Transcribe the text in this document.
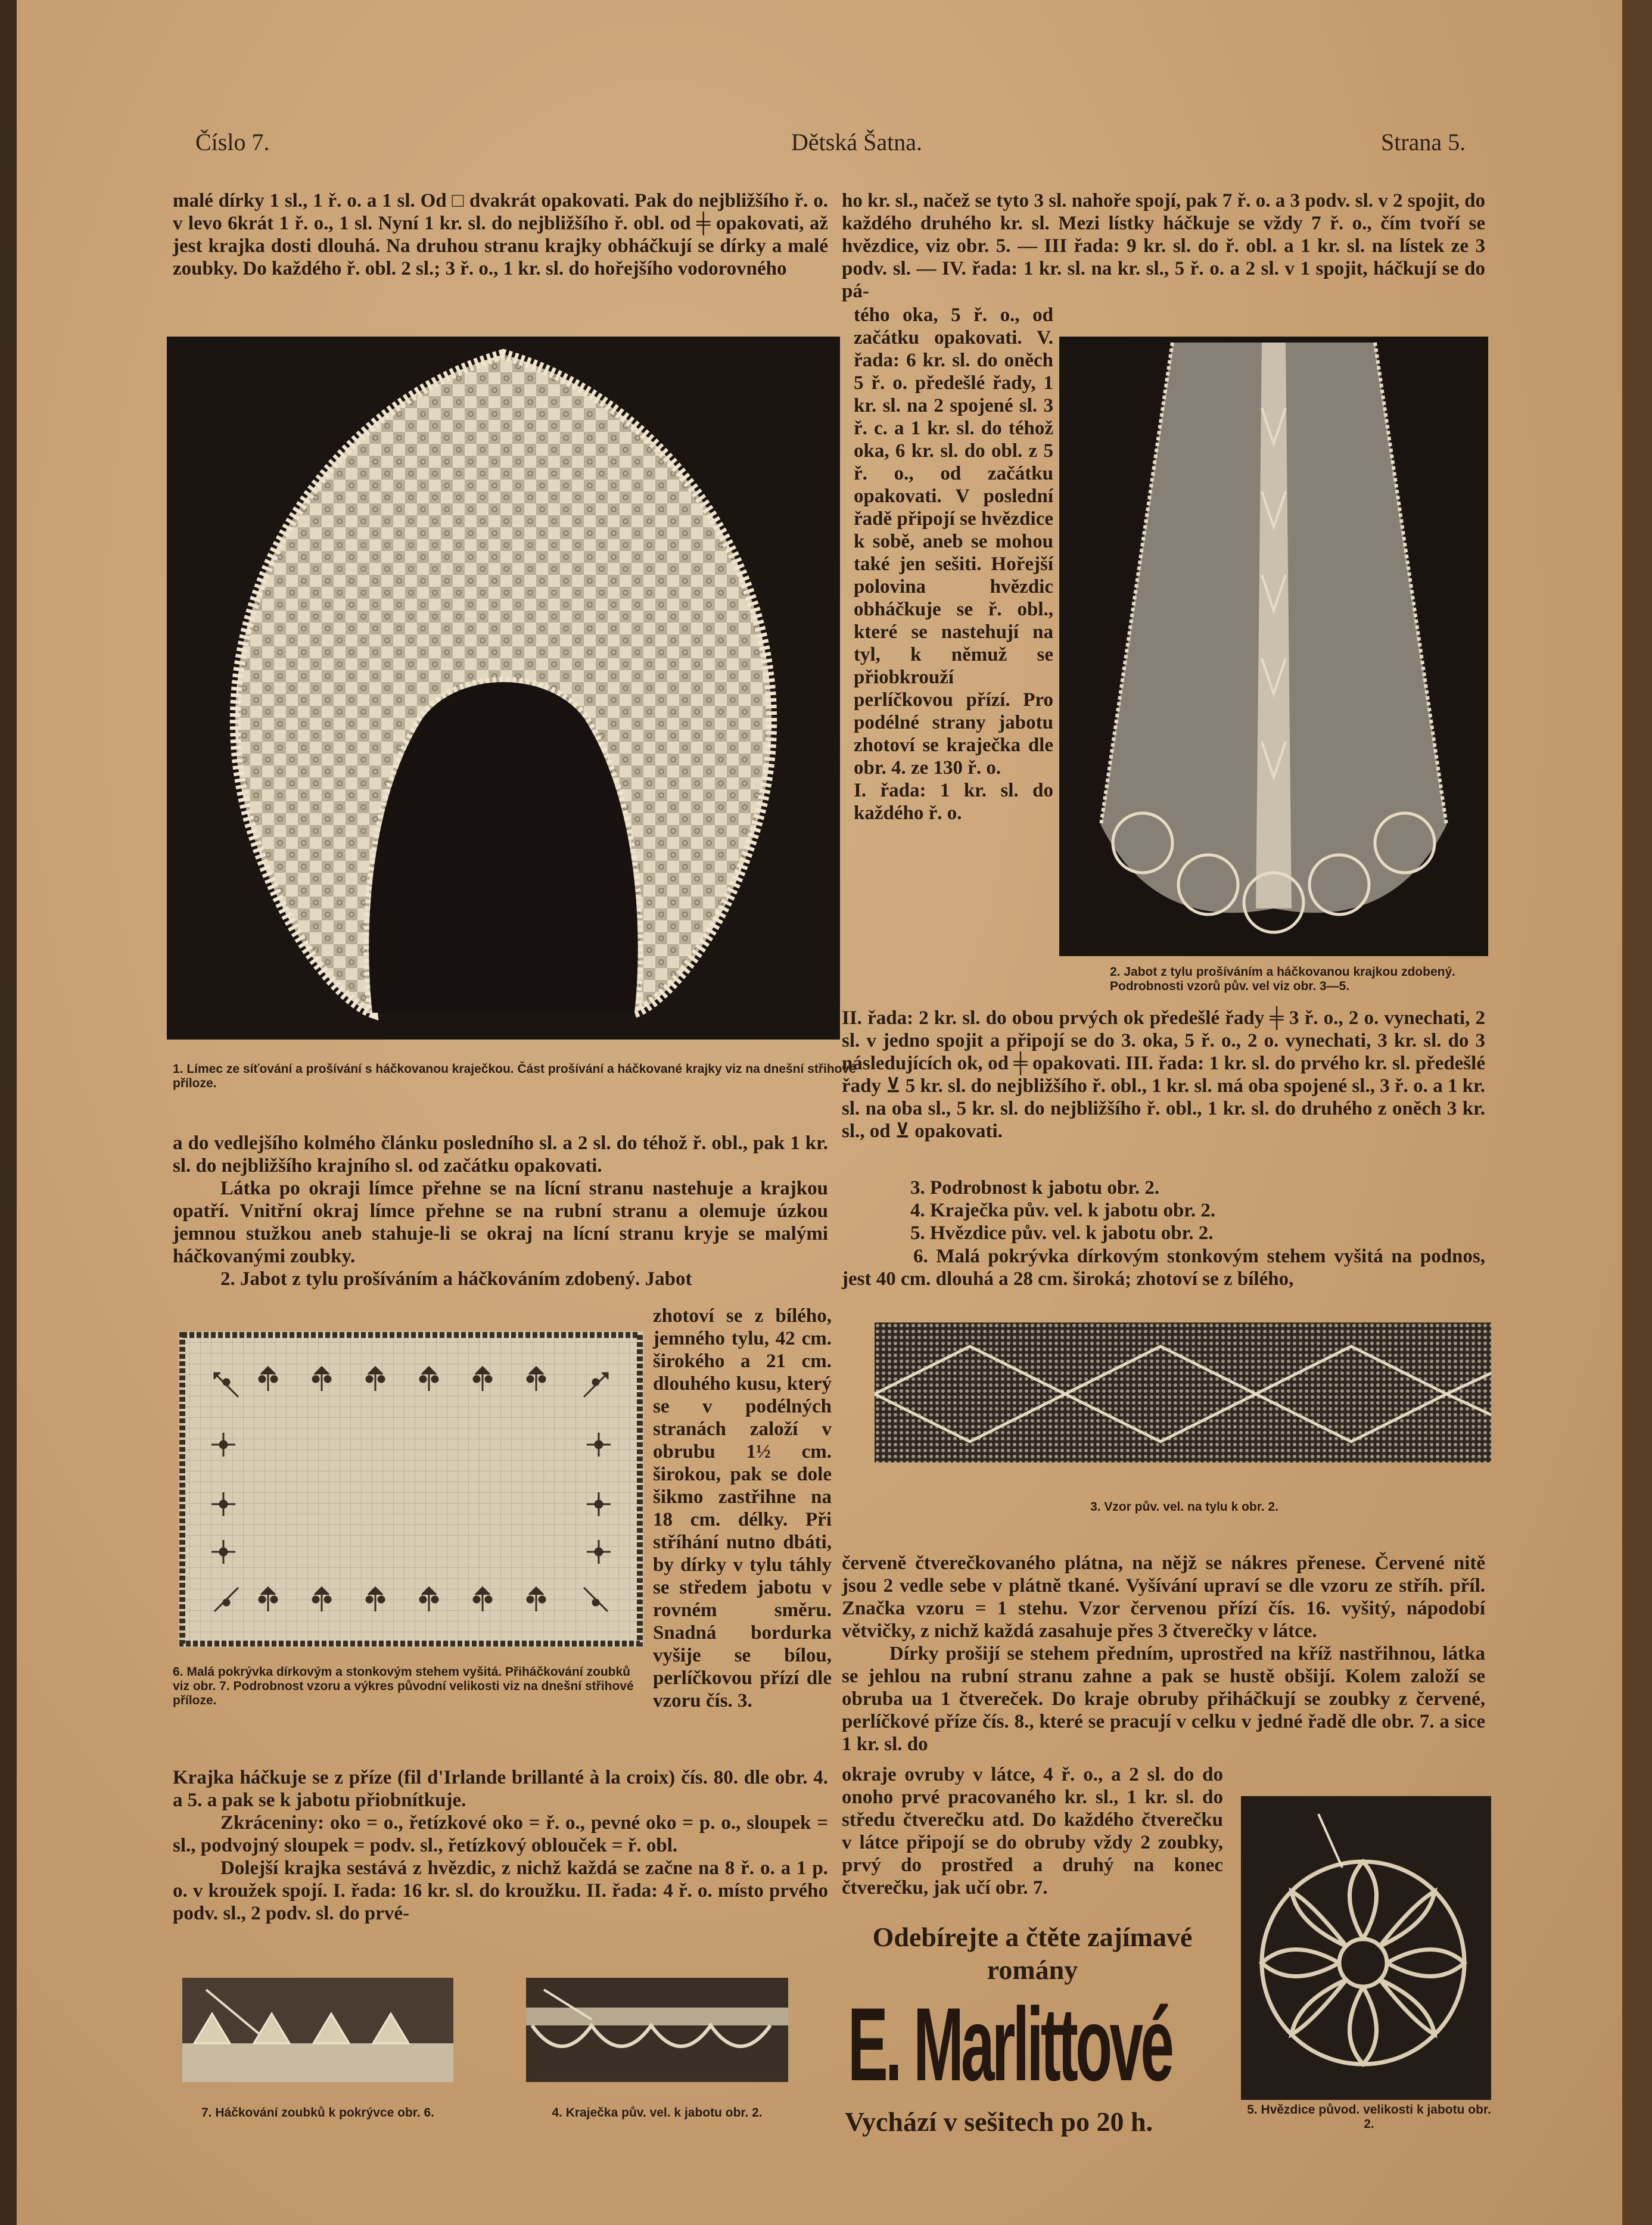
Číslo 7.	Dětská Šatna.	Strana 5.

malé dírky 1 sl., 1 ř. o. a 1 sl. Od □ dvakrát opakovati. Pak do nejbližšího ř. o. v levo 6krát 1 ř. o., 1 sl. Nyní 1 kr. sl. do nejbližšího ř. obl. od ╪ opakovati, až jest krajka dosti dlouhá. Na druhou stranu krajky obháčkují se dírky a malé zoubky. Do každého ř. obl. 2 sl.; 3 ř. o., 1 kr. sl. do hořejšího vodorovného

1. Límec ze síťování a prošívání s háčkovanou kraječkou. Část prošívání a háčkované krajky viz na dnešní střihové příloze.

a do vedlejšího kolmého článku posledního sl. a 2 sl. do téhož ř. obl., pak 1 kr. sl. do nejbližšího krajního sl. od začátku opakovati.

Látka po okraji límce přehne se na lícní stranu nastehuje a krajkou opatří. Vnitřní okraj límce přehne se na rubní stranu a olemuje úzkou jemnou stužkou aneb stahuje-li se okraj na lícní stranu kryje se malými háčkovanými zoubky.

2. Jabot z tylu prošíváním a háčkováním zdobený. Jabot

6. Malá pokrývka dírkovým a stonkovým stehem vyšitá. Přiháčkování zoubků viz obr. 7. Podrobnost vzoru a výkres původní velikosti viz na dnešní střihové příloze.
zhotoví se z bílého, jemného tylu, 42 cm. širokého a 21 cm. dlouhého kusu, který se v podélných stranách založí v obrubu 1½ cm. širokou, pak se dole šikmo zastřihne na 18 cm. délky. Při stříhání nutno dbáti, by dírky v tylu táhly se středem jabotu v rovném směru. Snadná bordurka vyšije se bílou, perlíčkovou přízí dle vzoru čís. 3.

Krajka háčkuje se z příze (fil d'Irlande brillanté à la croix) čís. 80. dle obr. 4. a 5. a pak se k jabotu přiobnítkuje.

Zkráceniny: oko = o., řetízkové oko = ř. o., pevné oko = p. o., sloupek = sl., podvojný sloupek = podv. sl., řetízkový oblouček = ř. obl.

Dolejší krajka sestává z hvězdic, z nichž každá se začne na 8 ř. o. a 1 p. o. v kroužek spojí. I. řada: 16 kr. sl. do kroužku. II. řada: 4 ř. o. místo prvého podv. sl., 2 podv. sl. do prvé-

7. Háčkování zoubků k pokrývce obr. 6.	4. Kraječka pův. vel. k jabotu obr. 2.
ho kr. sl., načež se tyto 3 sl. nahoře spojí, pak 7 ř. o. a 3 podv. sl. v 2 spojit, do každého druhého kr. sl. Mezi lístky háčkuje se vždy 7 ř. o., čím tvoří se hvězdice, viz obr. 5. — III řada: 9 kr. sl. do ř. obl. a 1 kr. sl. na lístek ze 3 podv. sl. — IV. řada: 1 kr. sl. na kr. sl., 5 ř. o. a 2 sl. v 1 spojit, háčkují se do pá-

tého oka, 5 ř. o., od začátku opakovati. V. řada: 6 kr. sl. do oněch 5 ř. o. předešlé řady, 1 kr. sl. na 2 spojené sl. 3 ř. c. a 1 kr. sl. do téhož oka, 6 kr. sl. do obl. z 5 ř. o., od začátku opakovati. V poslední řadě připojí se hvězdice k sobě, aneb se mohou také jen sešiti. Hořejší polovina hvězdic obháčkuje se ř. obl., které se nastehují na tyl, k němuž se přiobkrouží perlíčkovou přízí. Pro podélné strany jabotu zhotoví se kraječka dle obr. 4. ze 130 ř. o.

I. řada: 1 kr. sl. do každého ř. o.

2. Jabot z tylu prošíváním a háčkovanou krajkou zdobený. Podrobnosti vzorů pův. vel viz obr. 3—5.
II. řada: 2 kr. sl. do obou prvých ok předešlé řady ╪ 3 ř. o., 2 o. vynechati, 2 sl. v jedno spojit a připojí se do 3. oka, 5 ř. o., 2 o. vynechati, 3 kr. sl. do 3 následujících ok, od ╪ opakovati. III. řada: 1 kr. sl. do prvého kr. sl. předešlé řady ⊻ 5 kr. sl. do nejbližšího ř. obl., 1 kr. sl. má oba spojené sl., 3 ř. o. a 1 kr. sl. na oba sl., 5 kr. sl. do nejbližšího ř. obl., 1 kr. sl. do druhého z oněch 3 kr. sl., od ⊻ opakovati.

3. Podrobnost k jabotu obr. 2.

4. Kraječka pův. vel. k jabotu obr. 2.

5. Hvězdice pův. vel. k jabotu obr. 2.

6. Malá pokrývka dírkovým stonkovým stehem vyšitá na podnos, jest 40 cm. dlouhá a 28 cm. široká; zhotoví se z bílého,
3. Vzor pův. vel. na tylu k obr. 2.

červeně čtverečkovaného plátna, na nějž se nákres přenese. Červené nitě jsou 2 vedle sebe v plátně tkané. Vyšívání upraví se dle vzoru ze stříh. příl. Značka vzoru = 1 stehu. Vzor červenou přízí čís. 16. vyšitý, nápodobí větvičky, z nichž každá zasahuje přes 3 čtverečky v látce.

Dírky prošijí se stehem předním, uprostřed na kříž nastřihnou, látka se jehlou na rubní stranu zahne a pak se hustě obšijí. Kolem založí se obruba ua 1 čtvereček. Do kraje obruby přiháčkují se zoubky z červené, perlíčkové příze čís. 8., které se pracují v celku v jedné řadě dle obr. 7. a sice 1 kr. sl. do

okraje ovruby v látce, 4 ř. o., a 2 sl. do do onoho prvé pracovaného kr. sl., 1 kr. sl. do středu čtverečku atd. Do každého čtverečku v látce připojí se do obruby vždy 2 zoubky, prvý do prostřed a druhý na konec čtverečku, jak učí obr. 7.
Odebírejte a čtěte zajímavé
romány
E. Marlittové
Vychází v sešitech po 20 h.	5. Hvězdice původ. velikosti k jabotu obr. 2.
